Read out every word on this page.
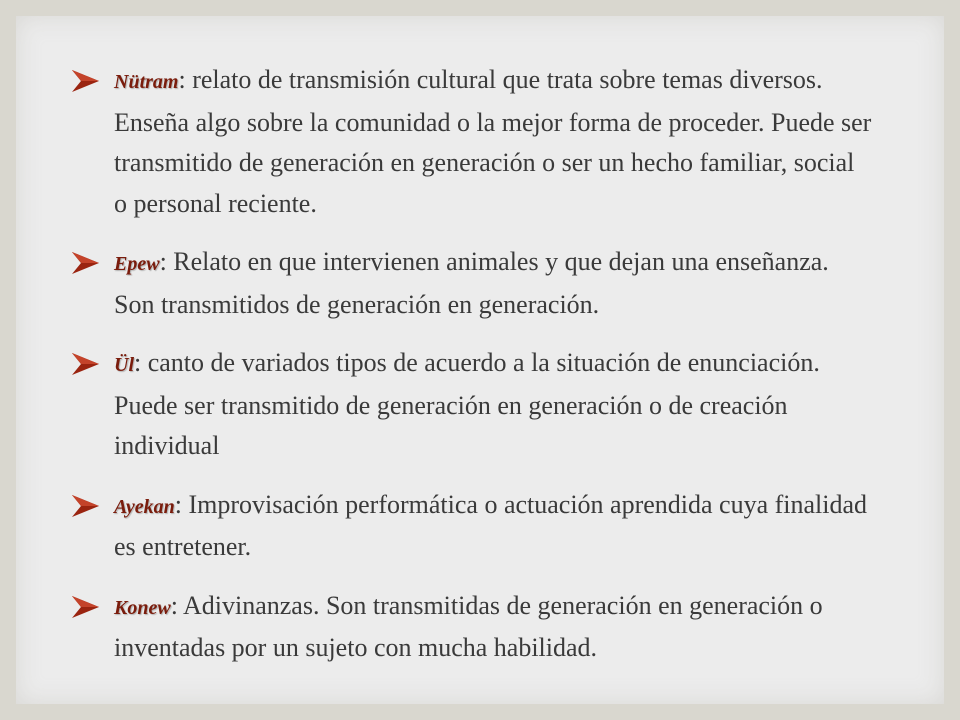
Nütram: relato de transmisión cultural que trata sobre temas diversos. Enseña algo sobre la comunidad o la mejor forma de proceder. Puede ser transmitido de generación en generación o ser un hecho familiar, social o personal reciente.
Epew: Relato en que intervienen animales y que dejan una enseñanza. Son transmitidos de generación en generación.
Ül: canto de variados tipos de acuerdo a la situación de enunciación. Puede ser transmitido de generación en generación o de creación individual
Ayekan: Improvisación performática o actuación aprendida cuya finalidad es entretener.
Konew: Adivinanzas. Son transmitidas de generación en generación o inventadas por un sujeto con mucha habilidad.
